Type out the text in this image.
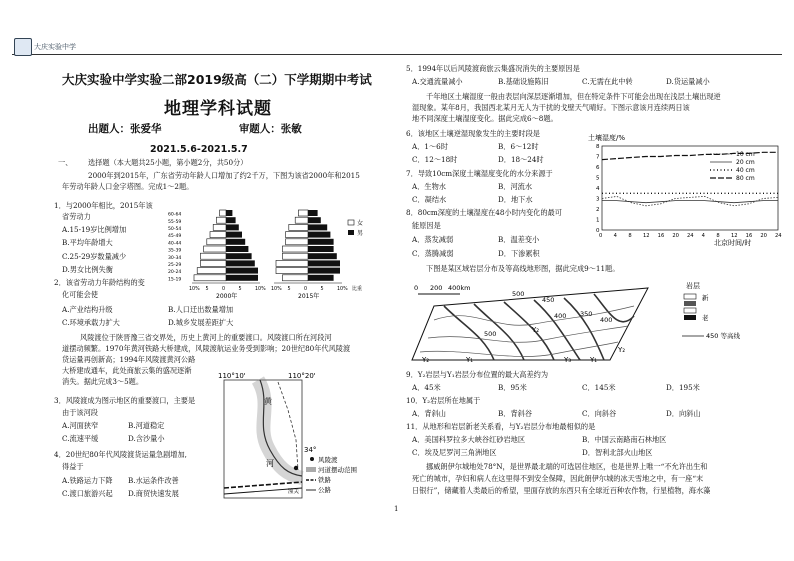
大庆实验中学
大庆实验中学实验二部2019级高（二）下学期期中考试
地理学科试题
出题人：张爱华	审题人：张敏
2021.5.6-2021.5.7
一、 选择题（本大题共25小题，第小题2分，共50分）
2000年到2015年，广东省劳动年龄人口增加了约2千万，下图为该省2000年和2015
年劳动年龄人口金字塔图。完成1～2题。
1．与2000年相比，2015年该
省劳动力
A.15-19岁比例增加
B.平均年龄增大
C.25-29岁数量减少
D.男女比例失衡
2．该省劳动力年龄结构的变
化可能会使
A.产业结构升级	B.人口迁出数量增加
C.环境承载力扩大	D.城乡发展差距扩大
风陵渡位于陕晋豫三省交界处，历史上黄河上的重要渡口。风陵渡口所在河段河
道摆动频繁。1970年黄河铁路大桥建成，风陵渡航运业务受到影响；20世纪80年代风陵渡
货运量再创新高；1994年风陵渡黄河公路
大桥建成通车，此处商旅云集的盛况逐渐
消失。据此完成3～5题。
3．风陵渡成为图示地区的重要渡口，主要是
由于该河段
A.河面狭窄	B.河道稳定
C.流速平缓	D.含沙量小
4．20世纪80年代风陵渡货运量急剧增加,
得益于
A.铁路运力下降 B.水运条件改善
C.渡口旅游兴起 D.商贸快速发展
60-64
55-59
50-54
45-49
40-44
35-39
30-34
25-29
20-24
15-19
10% 5	0	5	10%
2000年
10% 5	0	5	10%
2015年
比重
女
男
110°10'	110°20'
34°
黄
河
潼关
风陵渡
河道摆动范围
铁路
公路
5．1994年以后风陵渡商旅云集盛况消失的主要原因是
A.交通流量减小	B.基础设施陈旧	C.无需在此中转	D.货运量减小
千年地区土壤湿度一般由表层向深层逐渐增加，但在特定条件下可能会出现在浅层土壤出现逆
湿现象。某年8月，我国西北某月无人为干扰的戈壁天气晴好。下图示意该月连续两日该
地不同深度土壤湿度变化。据此完成6～8题。
6．该地区土壤逆湿现象发生的主要时段是
A．1～6时	B．6～12时
C．12～18时	D．18～24时
7．导致10cm深度土壤湿度变化的水分来源于
A．生物水	B．河流水
C．凝结水	D．地下水
8．80cm深度的土壤湿度在48小时内变化的最可
能原因是
A．蒸发减弱	B．温差变小
C．蒸腾减弱	D．下渗累积
下图是某区域岩层分布及等高线地形图，据此完成9～11题。
土壤湿度/%
0
1
2
3
4
5
6
7
8
0 4 8 12 16 20 24 4 8 12 16 20 24
北京时间/时
10 cm
20 cm
40 cm
80 cm
0 200 400km
500
450
400 350
400
500
Y₂	Y₁
Y₂
Y₃	Y₁
Y₂
岩层
新
老
450 等高线
9．Y₂岩层与Y₁岩层分布位置的最大高差约为
A．45米	B．95米	C．145米	D．195米
10．Y₂岩层所在地属于
A．背斜山	B．背斜谷	C．向斜谷	D．向斜山
11．从地形和岩层新老关系看，与Y₂岩层分布地最相似的是
A．美国科罗拉多大峡谷红砂岩地区	B．中国云南路南石林地区
C．埃及尼罗河三角洲地区	D．智利北部火山地区
挪威朗伊尔城地处78°N，是世界最北端的可选居住地区，也是世界上唯一“不允许出生和
死亡的城市，孕妇和病人在这里得不到安全保障，因此朗伊尔城的冰天雪地之中，有一座“末
日银行”，储藏着人类最后的希望，里面存放的东西只有全球近百种农作物，行星植物，海水藻
1
